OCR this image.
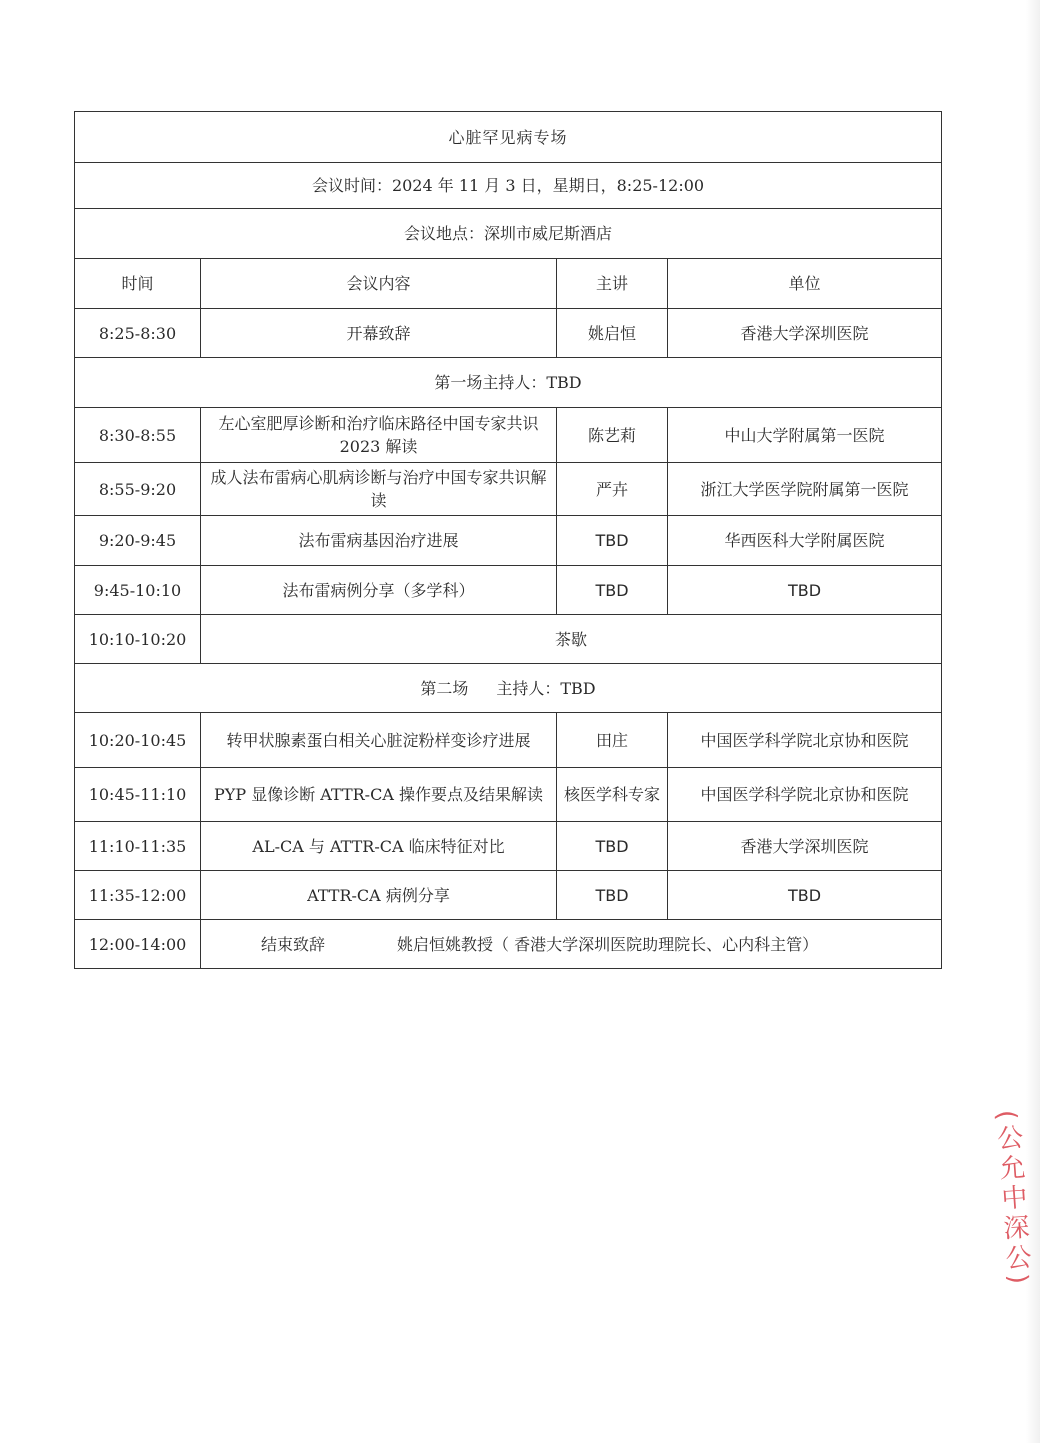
心脏罕见病专场			
会议时间：2024 年 11 月 3 日，星期日，8:25-12:00			
会议地点：深圳市威尼斯酒店			
时间	会议内容	主讲	单位
8:25-8:30	开幕致辞	姚启恒	香港大学深圳医院
第一场主持人：TBD			
8:30-8:55	左心室肥厚诊断和治疗临床路径中国专家共识 2023 解读	陈艺莉	中山大学附属第一医院
8:55-9:20	成人法布雷病心肌病诊断与治疗中国专家共识解读	严卉	浙江大学医学院附属第一医院
9:20-9:45	法布雷病基因治疗进展	TBD	华西医科大学附属医院
9:45-10:10	法布雷病例分享（多学科）	TBD	TBD
10:10-10:20	茶歇		
第二场 主持人：TBD			
10:20-10:45	转甲状腺素蛋白相关心脏淀粉样变诊疗进展	田庄	中国医学科学院北京协和医院
10:45-11:10	PYP 显像诊断 ATTR-CA 操作要点及结果解读	核医学科专家	中国医学科学院北京协和医院
11:10-11:35	AL-CA 与 ATTR-CA 临床特征对比	TBD	香港大学深圳医院
11:35-12:00	ATTR-CA 病例分享	TBD	TBD
12:00-14:00	结束致辞 姚启恒姚教授（ 香港大学深圳医院助理院长、心内科主管）		
(公允中深公)
